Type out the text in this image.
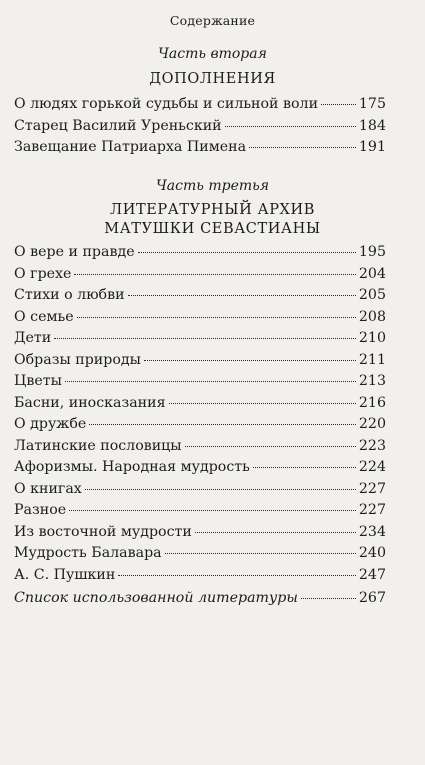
Содержание
Часть вторая
ДОПОЛНЕНИЯ
О людях горькой судьбы и сильной воли	175
Старец Василий Уреньский	184
Завещание Патриарха Пимена	191
Часть третья
ЛИТЕРАТУРНЫЙ АРХИВ
МАТУШКИ СЕВАСТИАНЫ
О вере и правде	195
О грехе	204
Стихи о любви	205
О семье	208
Дети	210
Образы природы	211
Цветы	213
Басни, иносказания	216
О дружбе	220
Латинские пословицы	223
Афоризмы. Народная мудрость	224
О книгах	227
Разное	227
Из восточной мудрости	234
Мудрость Балавара	240
А. С. Пушкин	247
Список использованной литературы	267
